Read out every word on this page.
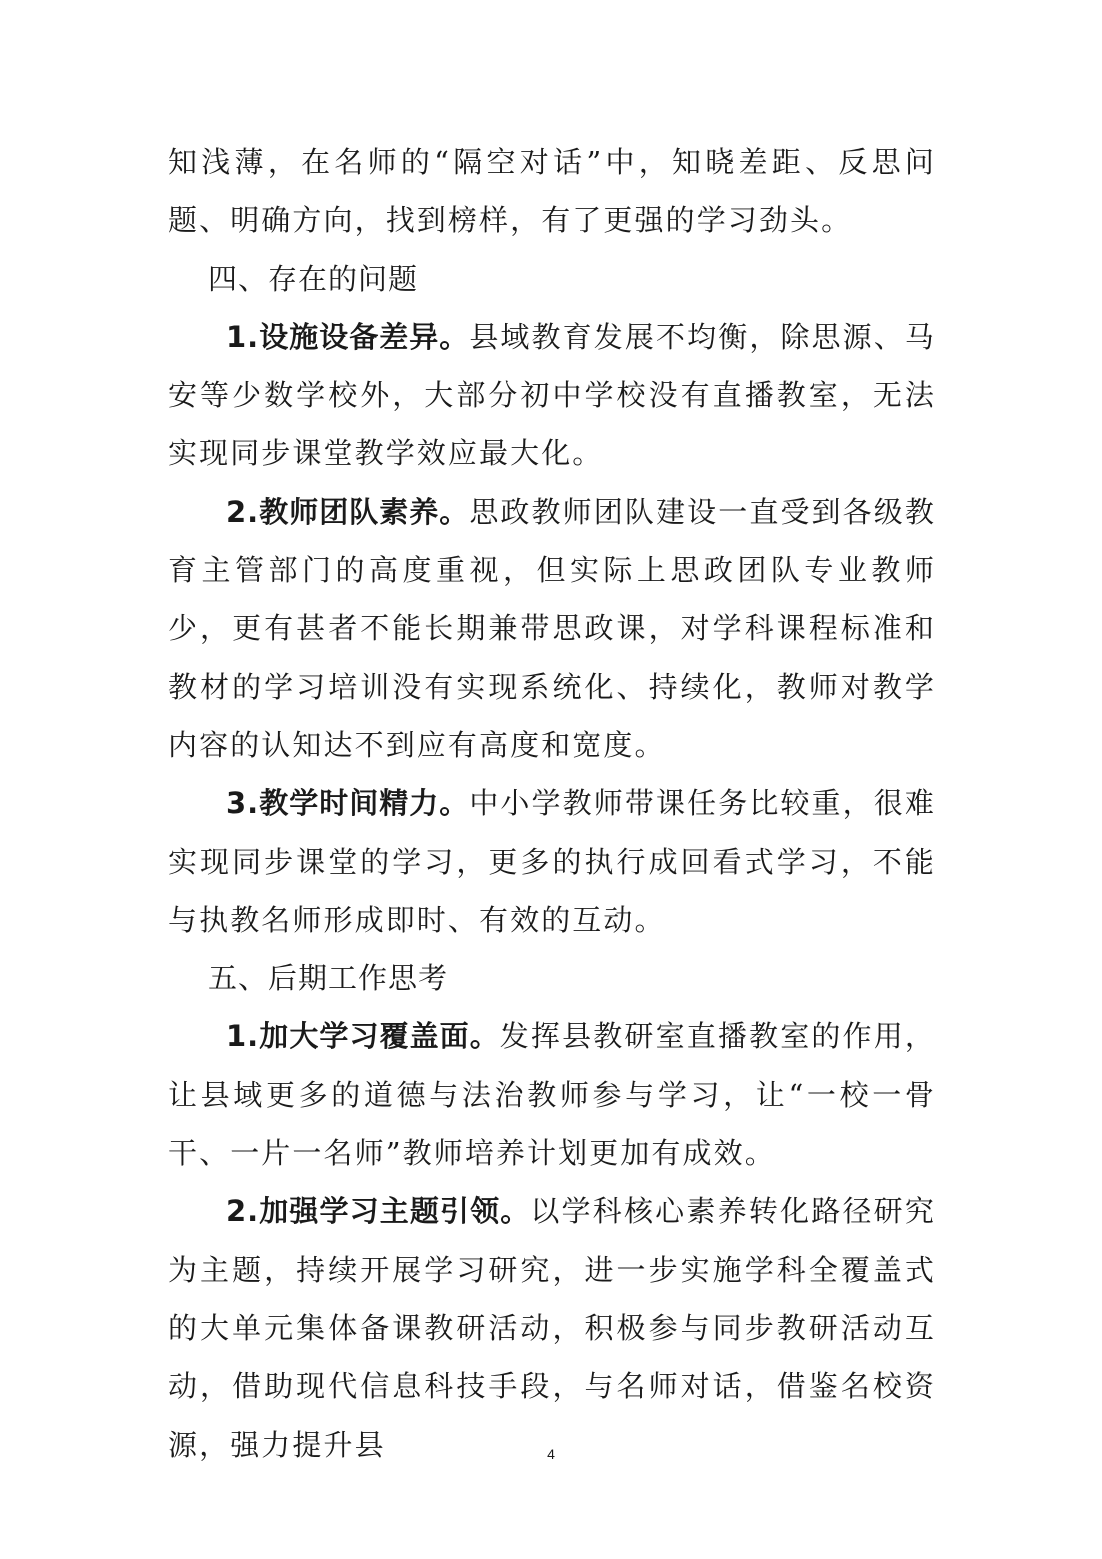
知浅薄，在名师的“隔空对话”中，知晓差距、反思问题、明确方向，找到榜样，有了更强的学习劲头。

四、存在的问题

1.设施设备差异。县域教育发展不均衡，除思源、马安等少数学校外，大部分初中学校没有直播教室，无法实现同步课堂教学效应最大化。

2.教师团队素养。思政教师团队建设一直受到各级教育主管部门的高度重视，但实际上思政团队专业教师少，更有甚者不能长期兼带思政课，对学科课程标准和教材的学习培训没有实现系统化、持续化，教师对教学内容的认知达不到应有高度和宽度。

3.教学时间精力。中小学教师带课任务比较重，很难实现同步课堂的学习，更多的执行成回看式学习，不能与执教名师形成即时、有效的互动。

五、后期工作思考

1.加大学习覆盖面。发挥县教研室直播教室的作用，让县域更多的道德与法治教师参与学习，让“一校一骨干、一片一名师”教师培养计划更加有成效。

2.加强学习主题引领。以学科核心素养转化路径研究为主题，持续开展学习研究，进一步实施学科全覆盖式的大单元集体备课教研活动，积极参与同步教研活动互动，借助现代信息科技手段，与名师对话，借鉴名校资源，强力提升县	4
